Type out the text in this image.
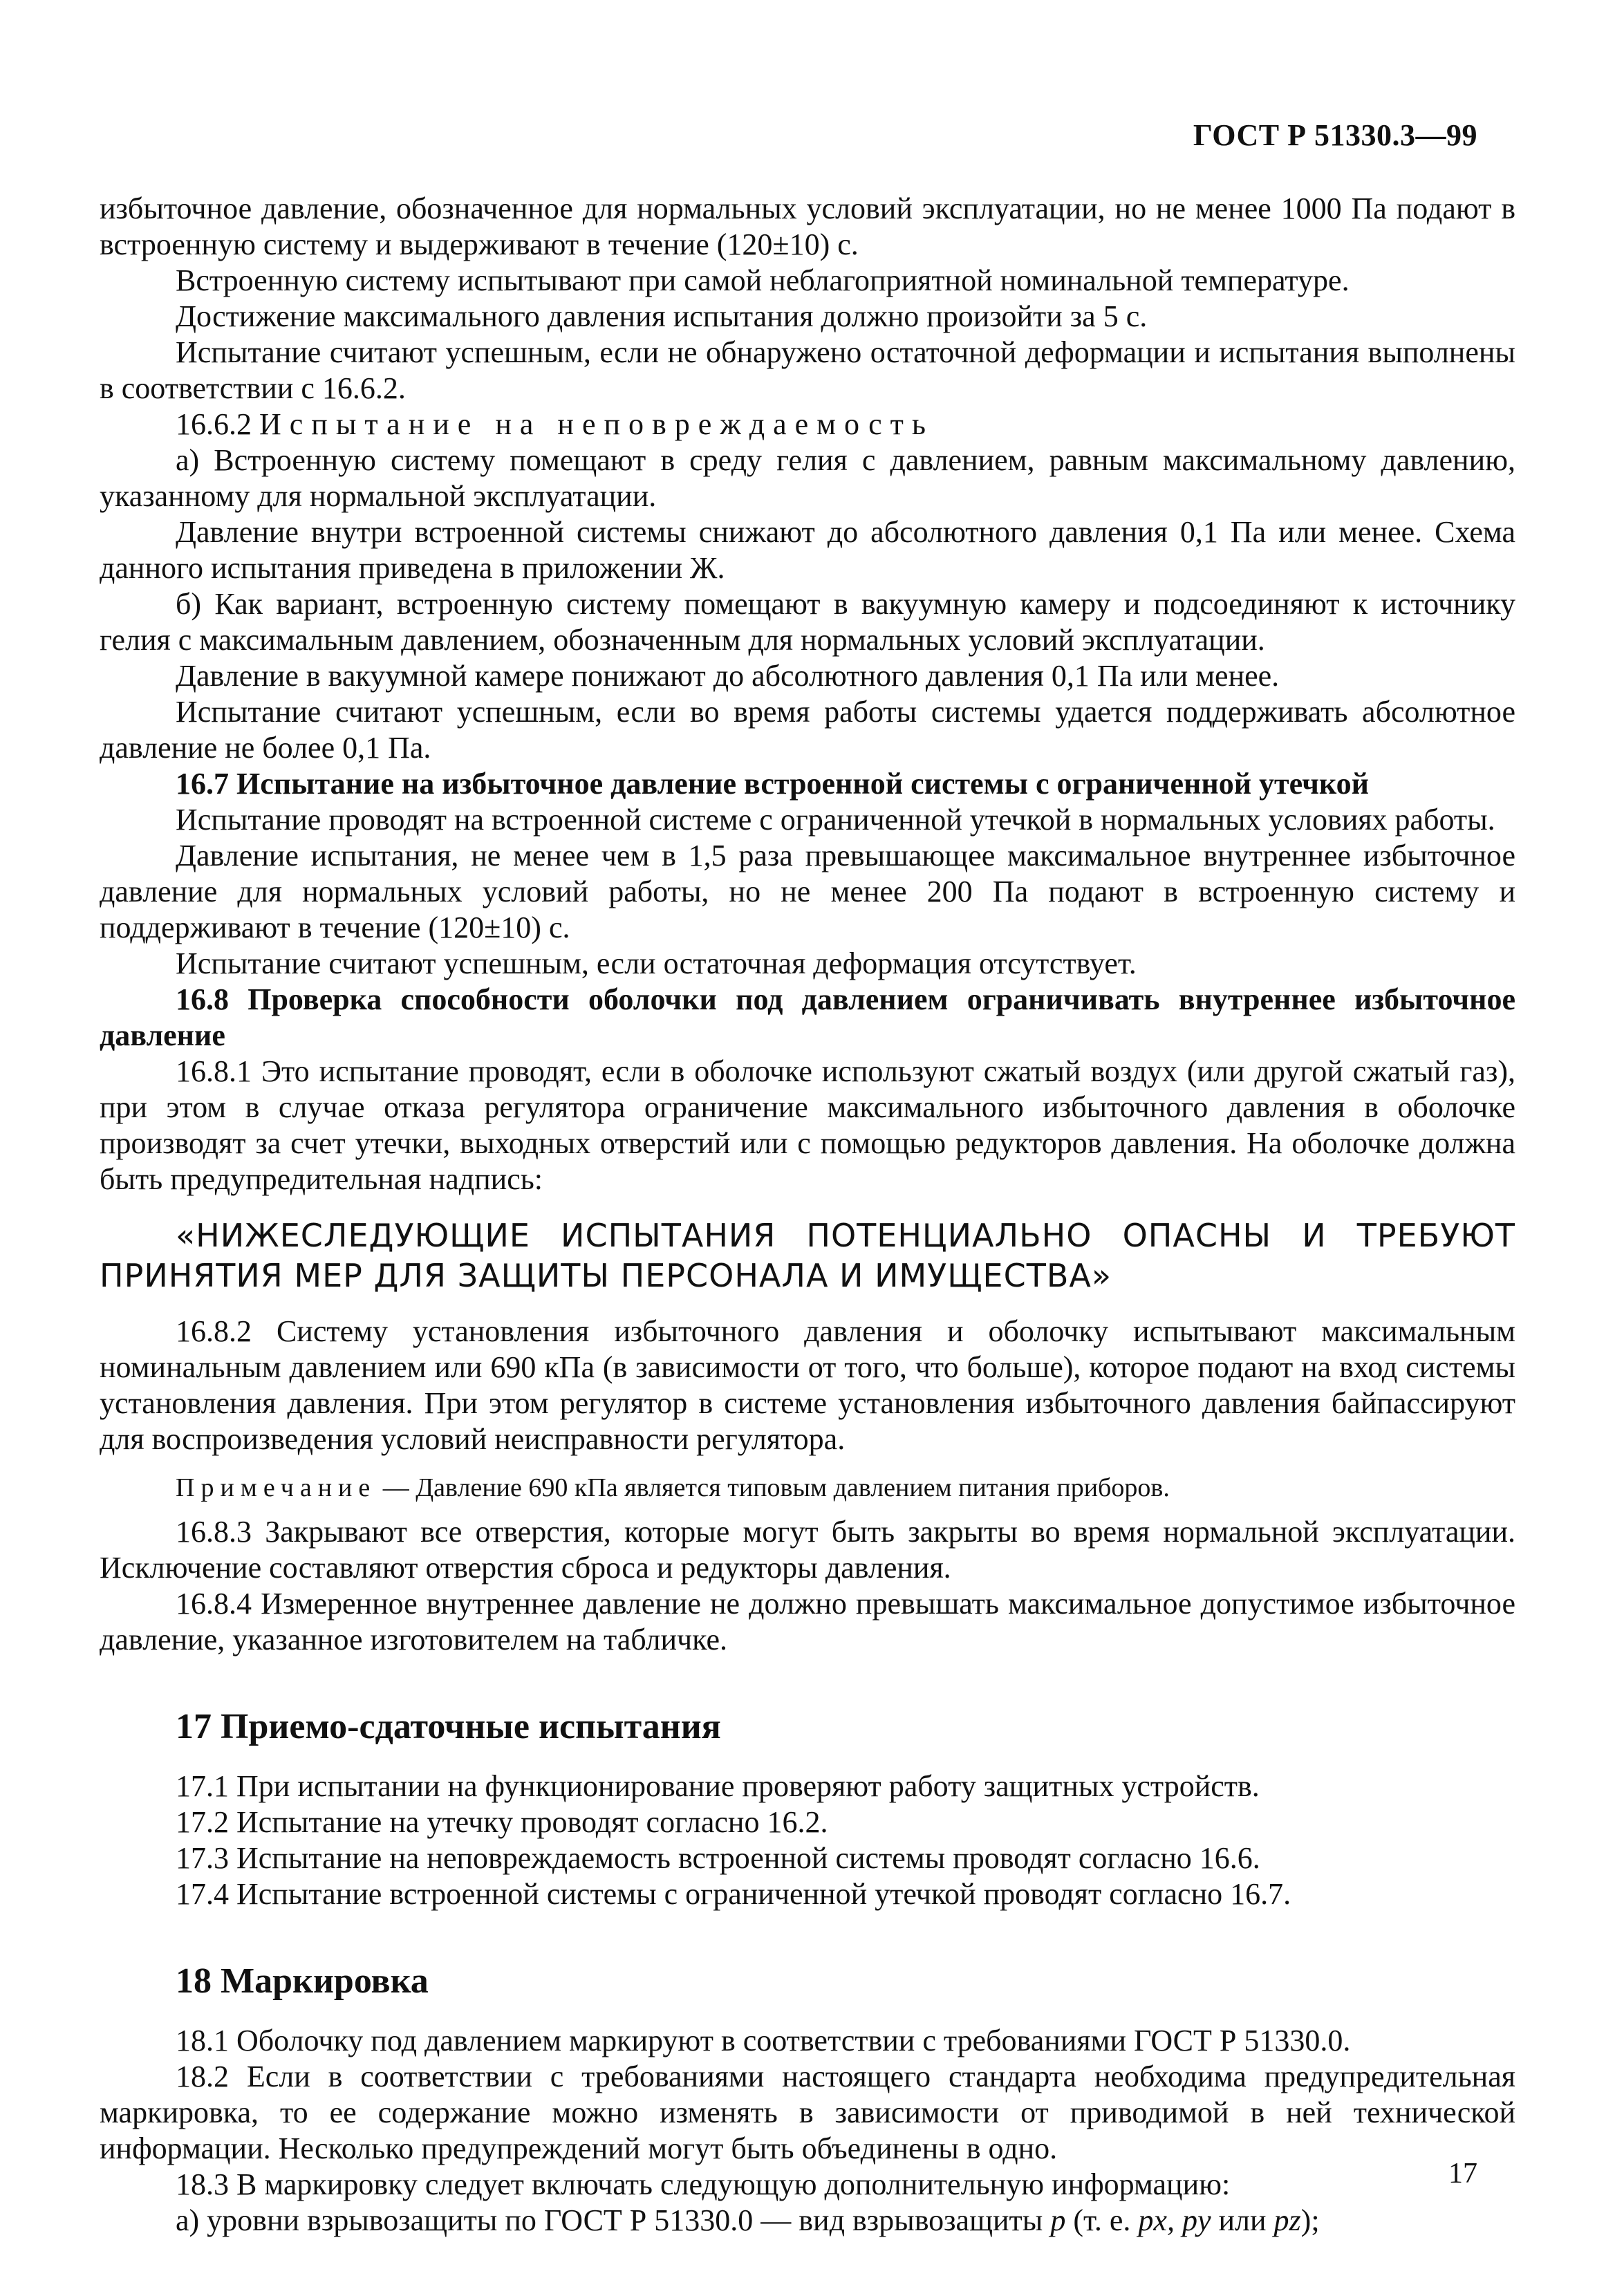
ГОСТ Р 51330.3—99

избыточное давление, обозначенное для нормальных условий эксплуатации, но не менее 1000 Па подают в встроенную систему и выдерживают в течение (120±10) с.

Встроенную систему испытывают при самой неблагоприятной номинальной температуре.

Достижение максимального давления испытания должно произойти за 5 с.

Испытание считают успешным, если не обнаружено остаточной деформации и испытания выполнены в соответствии с 16.6.2.

16.6.2 Испытание на неповреждаемость

а) Встроенную систему помещают в среду гелия с давлением, равным максимальному давлению, указанному для нормальной эксплуатации.

Давление внутри встроенной системы снижают до абсолютного давления 0,1 Па или менее. Схема данного испытания приведена в приложении Ж.

б) Как вариант, встроенную систему помещают в вакуумную камеру и подсоединяют к источнику гелия с максимальным давлением, обозначенным для нормальных условий эксплуатации.

Давление в вакуумной камере понижают до абсолютного давления 0,1 Па или менее.

Испытание считают успешным, если во время работы системы удается поддерживать абсолютное давление не более 0,1 Па.

16.7 Испытание на избыточное давление встроенной системы с ограниченной утечкой

Испытание проводят на встроенной системе с ограниченной утечкой в нормальных условиях работы.

Давление испытания, не менее чем в 1,5 раза превышающее максимальное внутреннее избыточное давление для нормальных условий работы, но не менее 200 Па подают в встроенную систему и поддерживают в течение (120±10) с.

Испытание считают успешным, если остаточная деформация отсутствует.

16.8 Проверка способности оболочки под давлением ограничивать внутреннее избыточное давление

16.8.1 Это испытание проводят, если в оболочке используют сжатый воздух (или другой сжатый газ), при этом в случае отказа регулятора ограничение максимального избыточного давления в оболочке производят за счет утечки, выходных отверстий или с помощью редукторов давления. На оболочке должна быть предупредительная надпись:

«НИЖЕСЛЕДУЮЩИЕ ИСПЫТАНИЯ ПОТЕНЦИАЛЬНО ОПАСНЫ И ТРЕБУЮТ ПРИНЯТИЯ МЕР ДЛЯ ЗАЩИТЫ ПЕРСОНАЛА И ИМУЩЕСТВА»

16.8.2 Систему установления избыточного давления и оболочку испытывают максимальным номинальным давлением или 690 кПа (в зависимости от того, что больше), которое подают на вход системы установления давления. При этом регулятор в системе установления избыточного давления байпассируют для воспроизведения условий неисправности регулятора.

Примечание — Давление 690 кПа является типовым давлением питания приборов.

16.8.3 Закрывают все отверстия, которые могут быть закрыты во время нормальной эксплуатации. Исключение составляют отверстия сброса и редукторы давления.

16.8.4 Измеренное внутреннее давление не должно превышать максимальное допустимое избыточное давление, указанное изготовителем на табличке.

17 Приемо-сдаточные испытания

17.1 При испытании на функционирование проверяют работу защитных устройств.

17.2 Испытание на утечку проводят согласно 16.2.

17.3 Испытание на неповреждаемость встроенной системы проводят согласно 16.6.

17.4 Испытание встроенной системы с ограниченной утечкой проводят согласно 16.7.

18 Маркировка

18.1 Оболочку под давлением маркируют в соответствии с требованиями ГОСТ Р 51330.0.

18.2 Если в соответствии с требованиями настоящего стандарта необходима предупредительная маркировка, то ее содержание можно изменять в зависимости от приводимой в ней технической информации. Несколько предупреждений могут быть объединены в одно.

18.3 В маркировку следует включать следующую дополнительную информацию:

а) уровни взрывозащиты по ГОСТ Р 51330.0 — вид взрывозащиты p (т. е. px, py или pz);

17
